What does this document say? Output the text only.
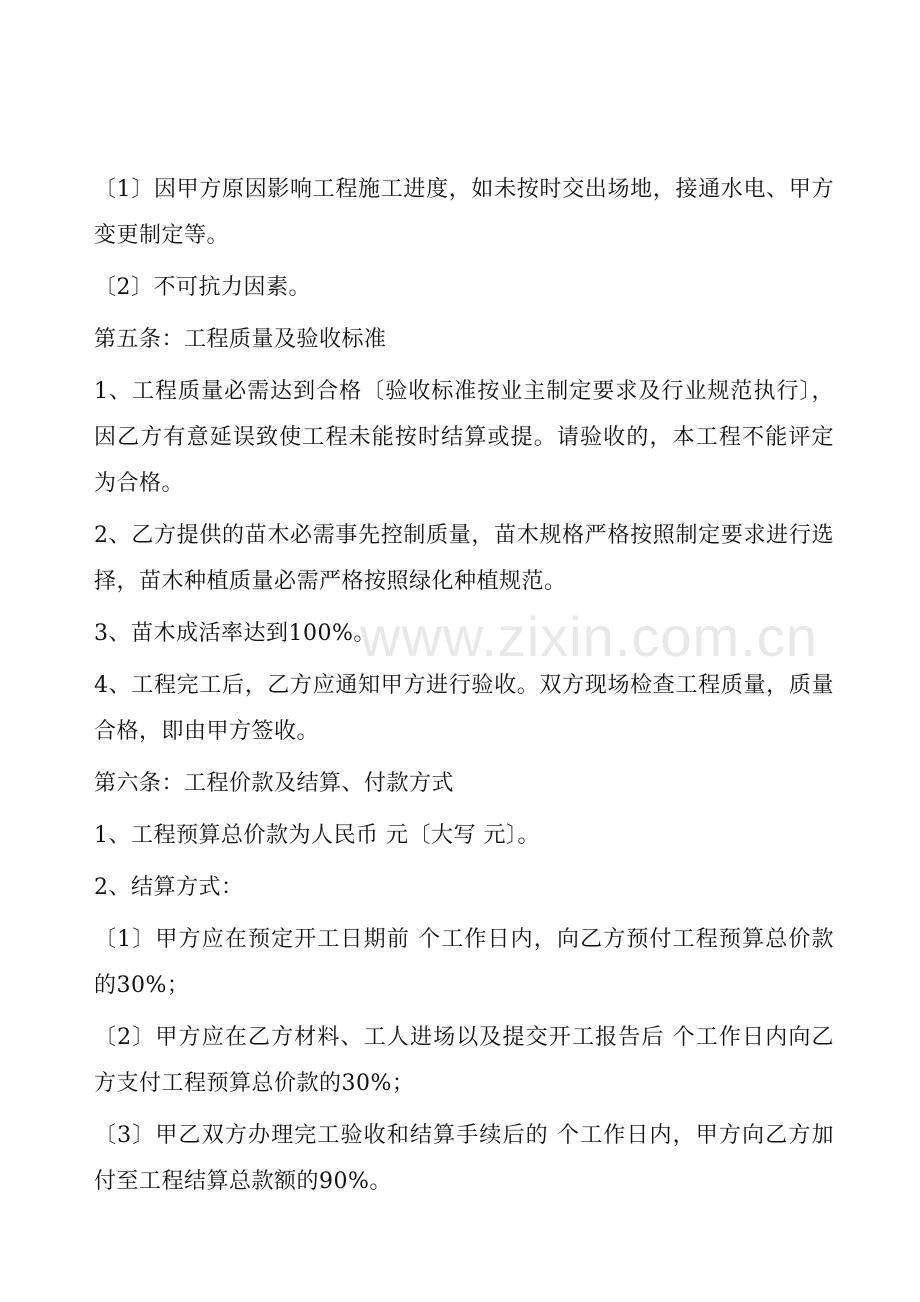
〔1〕因甲方原因影响工程施工进度，如未按时交出场地，接通水电、甲方变更制定等。

〔2〕不可抗力因素。

第五条：工程质量及验收标准

1、工程质量必需达到合格〔验收标准按业主制定要求及行业规范执行〕，因乙方有意延误致使工程未能按时结算或提。请验收的，本工程不能评定为合格。

2、乙方提供的苗木必需事先控制质量，苗木规格严格按照制定要求进行选择，苗木种植质量必需严格按照绿化种植规范。

3、苗木成活率达到100%。

4、工程完工后，乙方应通知甲方进行验收。双方现场检查工程质量，质量合格，即由甲方签收。

第六条：工程价款及结算、付款方式

1、工程预算总价款为人民币 元〔大写 元〕。

2、结算方式：

〔1〕甲方应在预定开工日期前 个工作日内，向乙方预付工程预算总价款的30%；

〔2〕甲方应在乙方材料、工人进场以及提交开工报告后 个工作日内向乙方支付工程预算总价款的30%；

〔3〕甲乙双方办理完工验收和结算手续后的 个工作日内，甲方向乙方加付至工程结算总款额的90%。

www.zixin.com.cn
